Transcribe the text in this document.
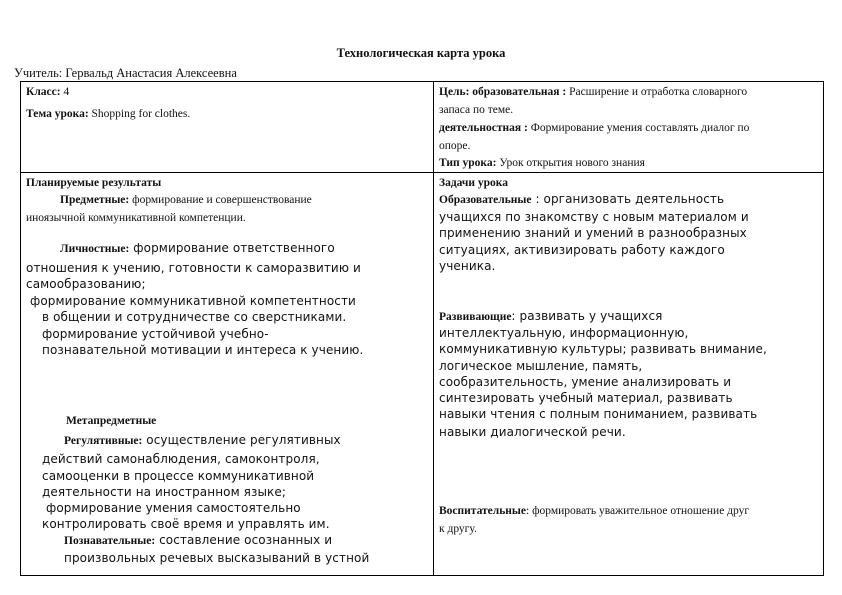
Технологическая карта урока
Учитель: Гервальд Анастасия Алексеевна
Класс: 4
Тема урока: Shopping for clothes.
Цель: образовательная : Расширение и отработка словарного
запаса по теме.
деятельностная : Формирование умения составлять диалог по
опоре.
Тип урока: Урок открытия нового знания
Планируемые результаты
Предметные: формирование и совершенствование
иноязычной коммуникативной компетенции.
Личностные: формирование ответственного
отношения к учению, готовности к саморазвитию и
самообразованию;
формирование коммуникативной компетентности
в общении и сотрудничестве со сверстниками.
формирование устойчивой учебно-
познавательной мотивации и интереса к учению.
Метапредметные
Регулятивные: осуществление регулятивных
действий самонаблюдения, самоконтроля,
самооценки в процессе коммуникативной
деятельности на иностранном языке;
формирование умения самостоятельно
контролировать своё время и управлять им.
Познавательные: составление осознанных и
произвольных речевых высказываний в устной
Задачи урока
Образовательные : организовать деятельность
учащихся по знакомству с новым материалом и
применению знаний и умений в разнообразных
ситуациях, активизировать работу каждого
ученика.
Развивающие: развивать у учащихся
интеллектуальную, информационную,
коммуникативную культуры; развивать внимание,
логическое мышление, память,
сообразительность, умение анализировать и
синтезировать учебный материал, развивать
навыки чтения с полным пониманием, развивать
навыки диалогической речи.
Воспитательные: формировать уважительное отношение друг
к другу.
